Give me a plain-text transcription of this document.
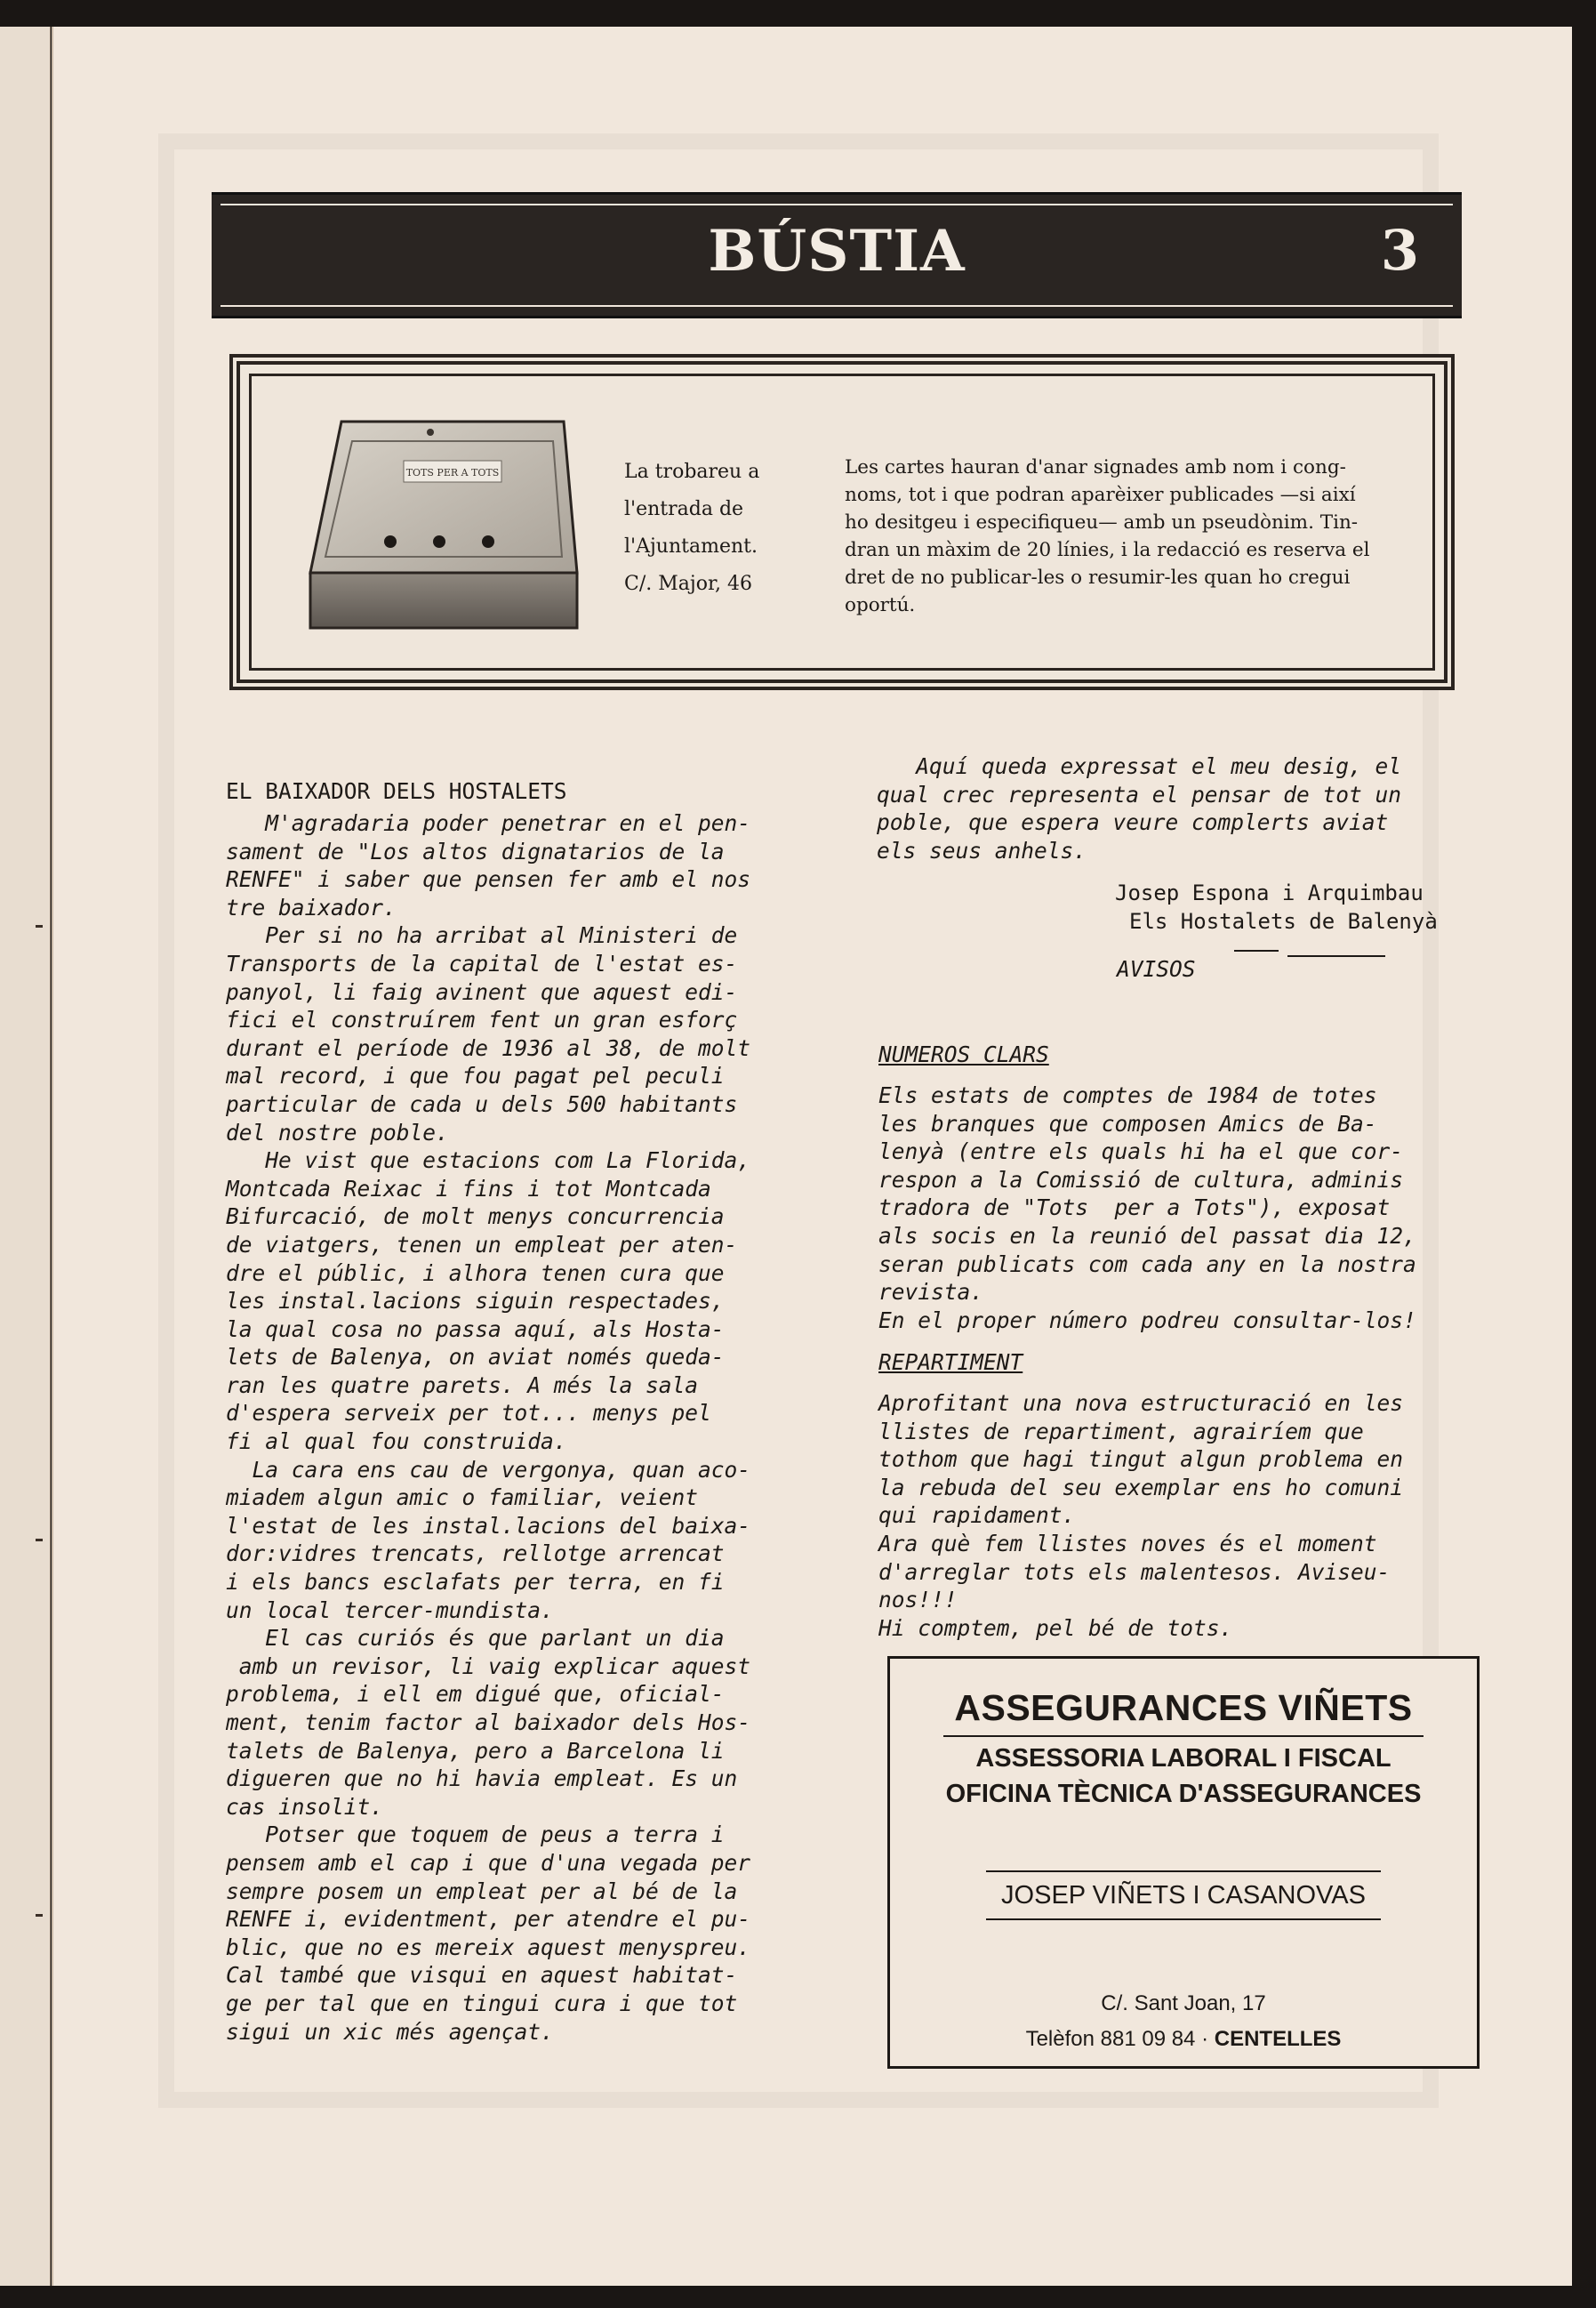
BÚSTIA	3
TOTS PER A TOTS	La trobareu a
l'entrada de
l'Ajuntament.
C/. Major, 46
Les cartes hauran d'anar signades amb nom i cong-
noms, tot i que podran aparèixer publicades —si així
ho desitgeu i especifiqueu— amb un pseudònim. Tin-
dran un màxim de 20 línies, i la redacció es reserva el
dret de no publicar-les o resumir-les quan ho cregui
oportú.
EL BAIXADOR DELS HOSTALETS
M'agradaria poder penetrar en el pen-
sament de "Los altos dignatarios de la
RENFE" i saber que pensen fer amb el nos
tre baixador.
Per si no ha arribat al Ministeri de
Transports de la capital de l'estat es-
panyol, li faig avinent que aquest edi-
fici el construírem fent un gran esforç
durant el període de 1936 al 38, de molt
mal record, i que fou pagat pel peculi
particular de cada u dels 500 habitants
del nostre poble.
He vist que estacions com La Florida,
Montcada Reixac i fins i tot Montcada
Bifurcació, de molt menys concurrencia
de viatgers, tenen un empleat per aten-
dre el públic, i alhora tenen cura que
les instal.lacions siguin respectades,
la qual cosa no passa aquí, als Hosta-
lets de Balenya, on aviat només queda-
ran les quatre parets. A més la sala
d'espera serveix per tot... menys pel
fi al qual fou construida.
La cara ens cau de vergonya, quan aco-
miadem algun amic o familiar, veient
l'estat de les instal.lacions del baixa-
dor:vidres trencats, rellotge arrencat
i els bancs esclafats per terra, en fi
un local tercer-mundista.
El cas curiós és que parlant un dia
amb un revisor, li vaig explicar aquest
problema, i ell em digué que, oficial-
ment, tenim factor al baixador dels Hos-
talets de Balenya, pero a Barcelona li
digueren que no hi havia empleat. Es un
cas insolit.
Potser que toquem de peus a terra i
pensem amb el cap i que d'una vegada per
sempre posem un empleat per al bé de la
RENFE i, evidentment, per atendre el pu-
blic, que no es mereix aquest menyspreu.
Cal també que visqui en aquest habitat-
ge per tal que en tingui cura i que tot
sigui un xic més agençat.
Aquí queda expressat el meu desig, el
qual crec representa el pensar de tot un
poble, que espera veure complerts aviat
els seus anhels.
Josep Espona i Arquimbau
Els Hostalets de Balenyà
AVISOS
NUMEROS CLARS
Els estats de comptes de 1984 de totes
les branques que composen Amics de Ba-
lenyà (entre els quals hi ha el que cor-
respon a la Comissió de cultura, adminis
tradora de "Tots  per a Tots"), exposat
als socis en la reunió del passat dia 12,
seran publicats com cada any en la nostra
revista.
En el proper número podreu consultar-los!
REPARTIMENT
Aprofitant una nova estructuració en les
llistes de repartiment, agrairíem que
tothom que hagi tingut algun problema en
la rebuda del seu exemplar ens ho comuni
qui rapidament.
Ara què fem llistes noves és el moment
d'arreglar tots els malentesos. Aviseu-
nos!!!
Hi comptem, pel bé de tots.
ASSEGURANCES VIÑETS
ASSESSORIA LABORAL I FISCAL
OFICINA TÈCNICA D'ASSEGURANCES
JOSEP VIÑETS I CASANOVAS
C/. Sant Joan, 17
Telèfon 881 09 84 · CENTELLES
